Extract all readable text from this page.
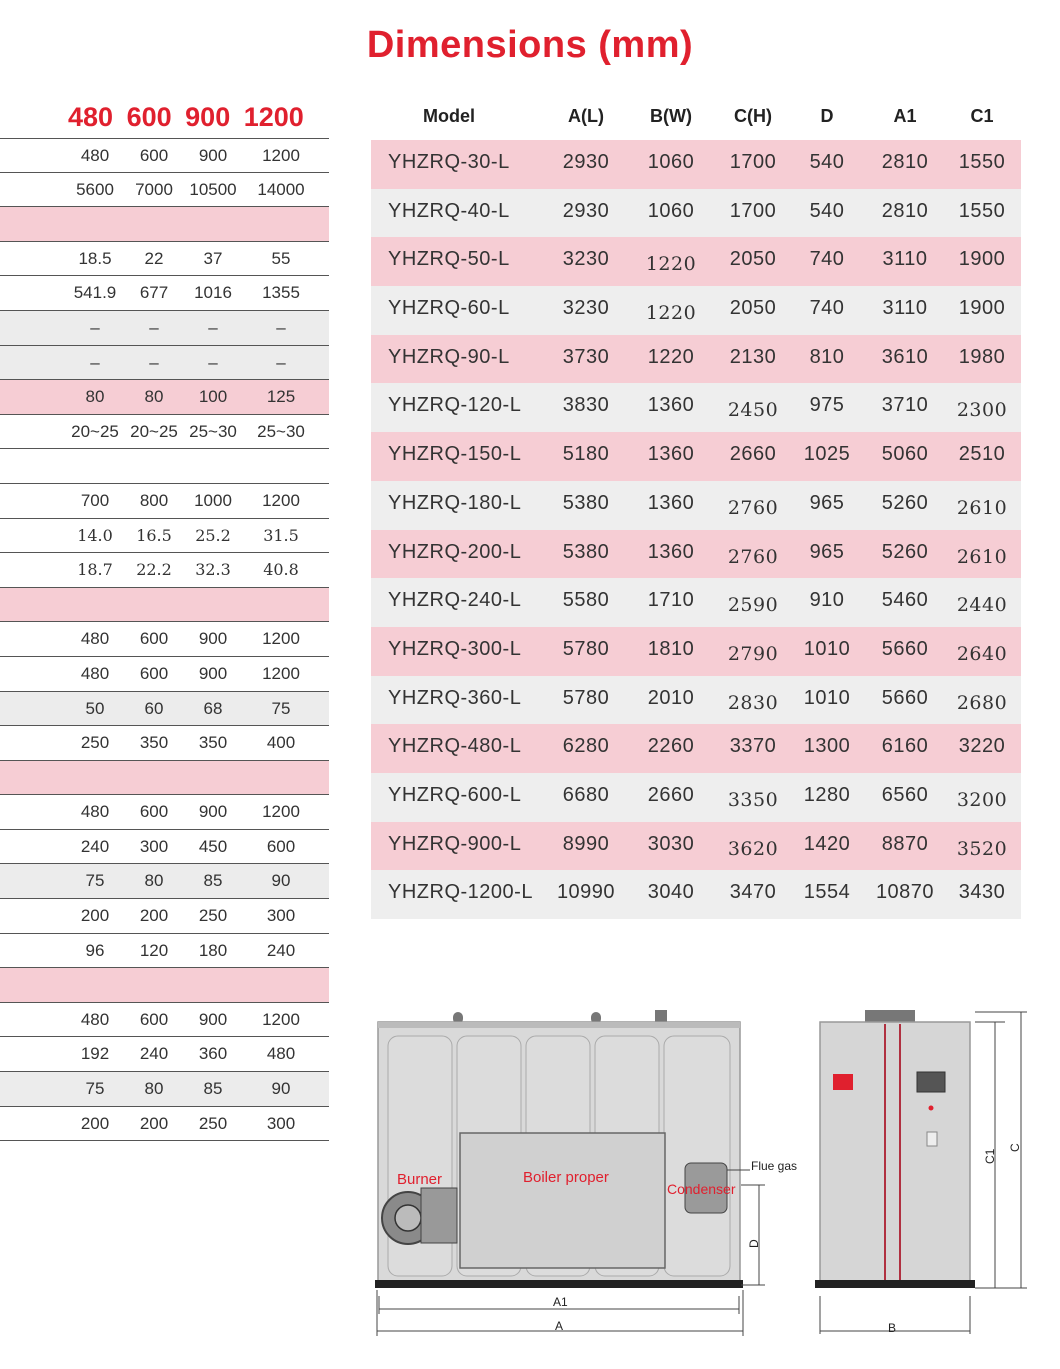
Dimensions (mm)
480 600 900 1200
480	600	900	1200
5600	7000 10500	14000
18.5	22	37	55
541.9	677	1016	1355
–	–	–	–
–	–	–	–
80	80	100	125
20~25 20~25 25~30	25~30
700	800	1000	1200
14.0	16.5	25.2	31.5
18.7	22.2	32.3	40.8
480	600	900	1200
480	600	900	1200
50	60	68	75
250	350	350	400
480	600	900	1200
240	300	450	600
75	80	85	90
200	200	250	300
96	120	180	240
480	600	900	1200
192	240	360	480
75	80	85	90
200	200	250	300
Model	A(L)	B(W)	C(H)	D	A1	C1
YHZRQ-30-L	2930	1060	1700	540	2810	1550
YHZRQ-40-L	2930	1060	1700	540	2810	1550
YHZRQ-50-L	3230	1220	2050	740	3110	1900
YHZRQ-60-L	3230	1220	2050	740	3110	1900
YHZRQ-90-L	3730	1220	2130	810	3610	1980
YHZRQ-120-L	3830	1360	2450	975	3710	2300
YHZRQ-150-L	5180	1360	2660	1025	5060	2510
YHZRQ-180-L	5380	1360	2760	965	5260	2610
YHZRQ-200-L	5380	1360	2760	965	5260	2610
YHZRQ-240-L	5580	1710	2590	910	5460	2440
YHZRQ-300-L	5780	1810	2790	1010	5660	2640
YHZRQ-360-L	5780	2010	2830	1010	5660	2680
YHZRQ-480-L	6280	2260	3370	1300	6160	3220
YHZRQ-600-L	6680	2660	3350	1280	6560	3200
YHZRQ-900-L	8990	3030	3620	1420	8870	3520
YHZRQ-1200-L 10990	3040	3470	1554	10870	3430
Burner	Boiler proper
Condenser
Flue gas
A1
A
D
B
C1
C
